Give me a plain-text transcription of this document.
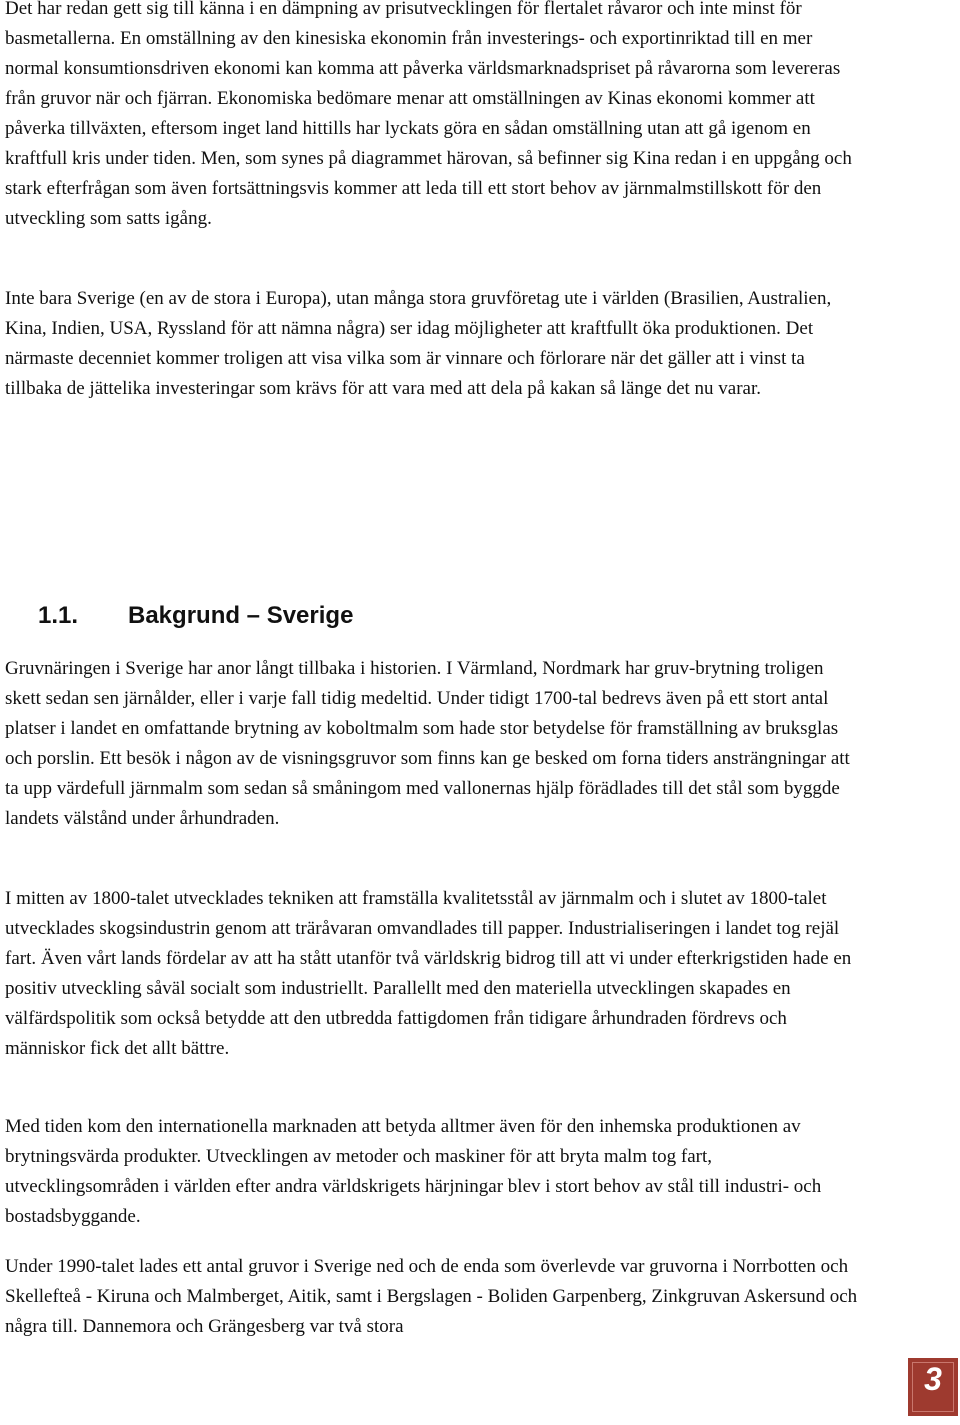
Det har redan gett sig till känna i en dämpning av prisutvecklingen för flertalet råvaror och inte minst för basmetallerna. En omställning av den kinesiska ekonomin från investerings- och exportinriktad till en mer normal konsumtionsdriven ekonomi kan komma att påverka världsmarknadspriset på råvarorna som levereras från gruvor när och fjärran. Ekonomiska bedömare menar att omställningen av Kinas ekonomi kommer att påverka tillväxten, eftersom inget land hittills har lyckats göra en sådan omställning utan att gå igenom en kraftfull kris under tiden. Men, som synes på diagrammet härovan, så befinner sig Kina redan i en uppgång och stark efterfrågan som även fortsättningsvis kommer att leda till ett stort behov av järnmalmstillskott för den utveckling som satts igång.

Inte bara Sverige (en av de stora i Europa), utan många stora gruvföretag ute i världen (Brasilien, Australien, Kina, Indien, USA, Ryssland för att nämna några) ser idag möjligheter att kraftfullt öka produktionen. Det närmaste decenniet kommer troligen att visa vilka som är vinnare och förlorare när det gäller att i vinst ta tillbaka de jättelika investeringar som krävs för att vara med att dela på kakan så länge det nu varar.

1.1. Bakgrund – Sverige

Gruvnäringen i Sverige har anor långt tillbaka i historien. I Värmland, Nordmark har gruv-brytning troligen skett sedan sen järnålder, eller i varje fall tidig medeltid. Under tidigt 1700-tal bedrevs även på ett stort antal platser i landet en omfattande brytning av koboltmalm som hade stor betydelse för framställning av bruksglas och porslin. Ett besök i någon av de visningsgruvor som finns kan ge besked om forna tiders ansträngningar att ta upp värdefull järnmalm som sedan så småningom med vallonernas hjälp förädlades till det stål som byggde landets välstånd under århundraden.

I mitten av 1800-talet utvecklades tekniken att framställa kvalitetsstål av järnmalm och i slutet av 1800-talet utvecklades skogsindustrin genom att träråvaran omvandlades till papper. Industrialiseringen i landet tog rejäl fart. Även vårt lands fördelar av att ha stått utanför två världskrig bidrog till att vi under efterkrigstiden hade en positiv utveckling såväl socialt som industriellt. Parallellt med den materiella utvecklingen skapades en välfärdspolitik som också betydde att den utbredda fattigdomen från tidigare århundraden fördrevs och människor fick det allt bättre.

Med tiden kom den internationella marknaden att betyda alltmer även för den inhemska produktionen av brytningsvärda produkter. Utvecklingen av metoder och maskiner för att bryta malm tog fart, utvecklingsområden i världen efter andra världskrigets härjningar blev i stort behov av stål till industri- och bostadsbyggande.

Under 1990-talet lades ett antal gruvor i Sverige ned och de enda som överlevde var gruvorna i Norrbotten och Skellefteå - Kiruna och Malmberget, Aitik, samt i Bergslagen - Boliden Garpenberg, Zinkgruvan Askersund och några till. Dannemora och Grängesberg var två stora

3
